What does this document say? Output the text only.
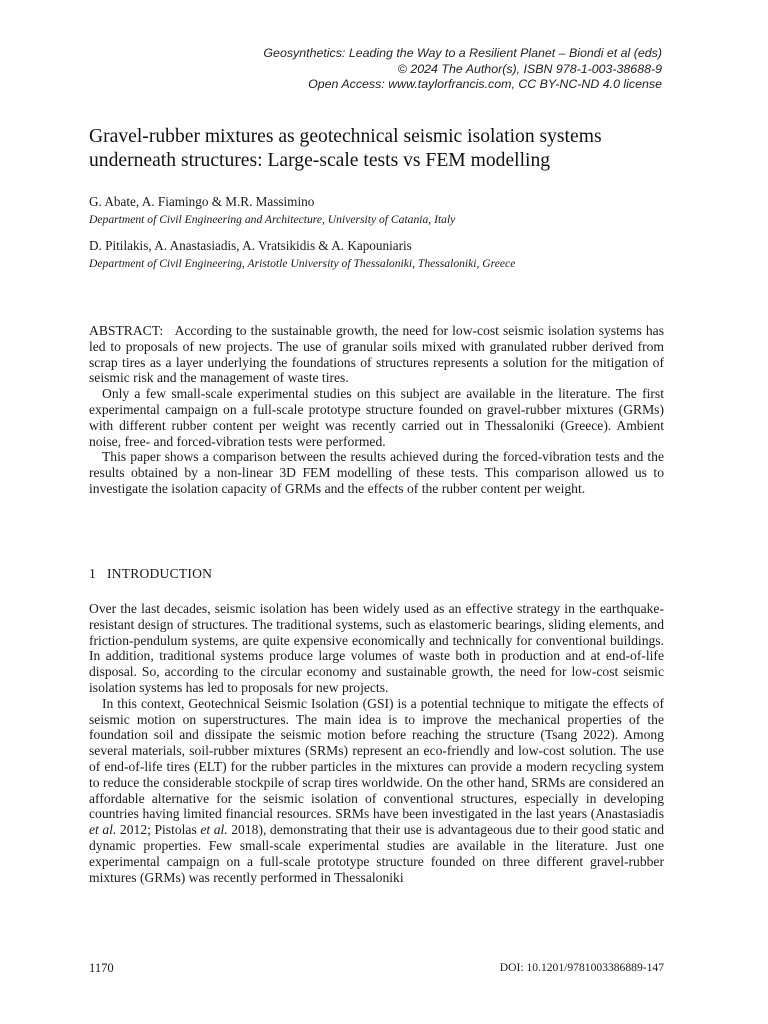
Geosynthetics: Leading the Way to a Resilient Planet – Biondi et al (eds)
© 2024 The Author(s), ISBN 978-1-003-38688-9
Open Access: www.taylorfrancis.com, CC BY-NC-ND 4.0 license
Gravel-rubber mixtures as geotechnical seismic isolation systems
underneath structures: Large-scale tests vs FEM modelling
G. Abate, A. Fiamingo & M.R. Massimino
Department of Civil Engineering and Architecture, University of Catania, Italy
D. Pitilakis, A. Anastasiadis, A. Vratsikidis & A. Kapouniaris
Department of Civil Engineering, Aristotle University of Thessaloniki, Thessaloniki, Greece

ABSTRACT: According to the sustainable growth, the need for low-cost seismic isolation systems has led to proposals of new projects. The use of granular soils mixed with granulated rubber derived from scrap tires as a layer underlying the foundations of structures represents a solution for the mitigation of seismic risk and the management of waste tires.

Only a few small-scale experimental studies on this subject are available in the literature. The first experimental campaign on a full-scale prototype structure founded on gravel-rubber mixtures (GRMs) with different rubber content per weight was recently carried out in Thessaloniki (Greece). Ambient noise, free- and forced-vibration tests were performed.

This paper shows a comparison between the results achieved during the forced-vibration tests and the results obtained by a non-linear 3D FEM modelling of these tests. This comparison allowed us to investigate the isolation capacity of GRMs and the effects of the rubber content per weight.

1 INTRODUCTION

Over the last decades, seismic isolation has been widely used as an effective strategy in the earthquake-resistant design of structures. The traditional systems, such as elastomeric bearings, sliding elements, and friction-pendulum systems, are quite expensive economically and technically for conventional buildings. In addition, traditional systems produce large volumes of waste both in production and at end-of-life disposal. So, according to the circular economy and sustainable growth, the need for low-cost seismic isolation systems has led to proposals for new projects.

In this context, Geotechnical Seismic Isolation (GSI) is a potential technique to mitigate the effects of seismic motion on superstructures. The main idea is to improve the mechanical properties of the foundation soil and dissipate the seismic motion before reaching the structure (Tsang 2022). Among several materials, soil-rubber mixtures (SRMs) represent an eco-friendly and low-cost solution. The use of end-of-life tires (ELT) for the rubber particles in the mixtures can provide a modern recycling system to reduce the considerable stockpile of scrap tires worldwide. On the other hand, SRMs are considered an affordable alternative for the seismic isolation of conventional structures, especially in developing countries having limited financial resources. SRMs have been investigated in the last years (Anastasiadis et al. 2012; Pistolas et al. 2018), demonstrating that their use is advantageous due to their good static and dynamic properties. Few small-scale experimental studies are available in the literature. Just one experimental campaign on a full-scale prototype structure founded on three different gravel-rubber mixtures (GRMs) was recently performed in Thessaloniki

1170	DOI: 10.1201/9781003386889-147
